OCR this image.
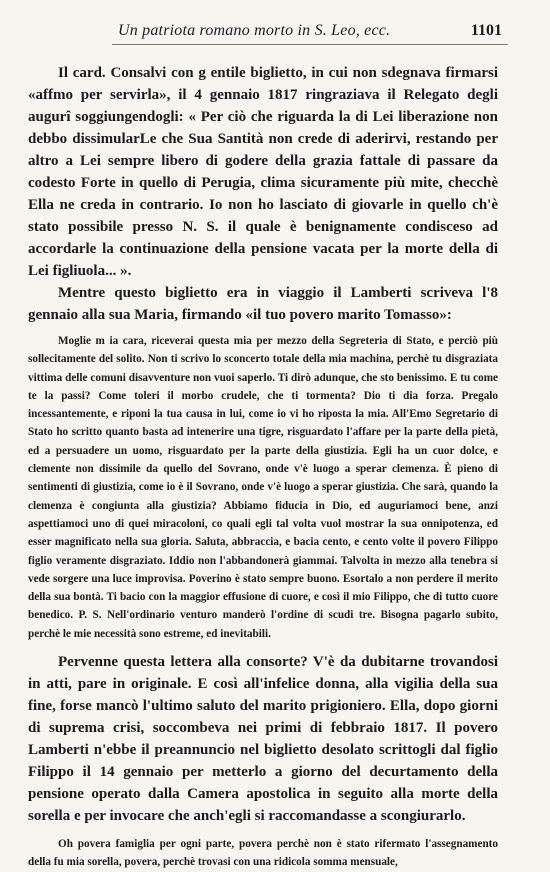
Un patriota romano morto in S. Leo, ecc.	1101

Il card. Consalvi con g entile biglietto, in cui non sdegnava firmarsi «affmo per servirla», il 4 gennaio 1817 ringraziava il Relegato degli augurî soggiungendogli: « Per ciò che riguarda la di Lei liberazione non debbo dissimularLe che Sua Santità non crede di aderirvi, restando per altro a Lei sempre libero di godere della grazia fattale di passare da codesto Forte in quello di Perugia, clima sicuramente più mite, checchè Ella ne creda in contrario. Io non ho lasciato di giovarle in quello ch'è stato possibile presso N. S. il quale è benignamente condisceso ad accordarle la continuazione della pensione vacata per la morte della di Lei figliuola... ».

Mentre questo biglietto era in viaggio il Lamberti scriveva l'8 gennaio alla sua Maria, firmando «il tuo povero marito Tomasso»:

Moglie m ia cara, riceverai questa mia per mezzo della Segreteria di Stato, e perciò più sollecitamente del solito. Non ti scrivo lo sconcerto totale della mia machina, perchè tu disgraziata vittima delle comuni disavventure non vuoi saperlo. Ti dirò adunque, che sto benissimo. E tu come te la passi? Come toleri il morbo crudele, che ti tormenta? Dio ti dia forza. Pregalo incessantemente, e riponi la tua causa in lui, come io vi ho riposta la mia. All'Emo Segretario di Stato ho scritto quanto basta ad intenerire una tigre, risguardato l'affare per la parte della pietà, ed a persuadere un uomo, risguardato per la parte della giustizia. Egli ha un cuor dolce, e clemente non dissimile da quello del Sovrano, onde v'è luogo a sperar clemenza. È pieno di sentimenti di giustizia, come io è il Sovrano, onde v'è luogo a sperar giustizia. Che sarà, quando la clemenza è congiunta alla giustizia? Abbiamo fiducia in Dio, ed auguriamoci bene, anzi aspettiamoci uno di quei miracoloni, co quali egli tal volta vuol mostrar la sua onnipotenza, ed esser magnificato nella sua gloria. Saluta, abbraccia, e bacia cento, e cento volte il povero Filippo figlio veramente disgraziato. Iddio non l'abbandonerà giammai. Talvolta in mezzo alla tenebra si vede sorgere una luce improvisa. Poverino è stato sempre buono. Esortalo a non perdere il merito della sua bontà. Ti bacio con la maggior effusione di cuore, e così il mio Filippo, che di tutto cuore benedico. P. S. Nell'ordinario venturo manderò l'ordine di scudi tre. Bisogna pagarlo subito, perchè le mie necessità sono estreme, ed inevitabili.

Pervenne questa lettera alla consorte? V'è da dubitarne trovandosi in atti, pare in originale. E così all'infelice donna, alla vigilia della sua fine, forse mancò l'ultimo saluto del marito prigioniero. Ella, dopo giorni di suprema crisi, soccombeva nei primi di febbraio 1817. Il povero Lamberti n'ebbe il preannuncio nel biglietto desolato scrittogli dal figlio Filippo il 14 gennaio per metterlo a giorno del decurtamento della pensione operato dalla Camera apostolica in seguito alla morte della sorella e per invocare che anch'egli si raccomandasse a scongiurarlo.

Oh povera famiglia per ogni parte, povera perchè non è stato rifermato l'assegnamento della fu mia sorella, povera, perchè trovasi con una ridicola somma mensuale,
